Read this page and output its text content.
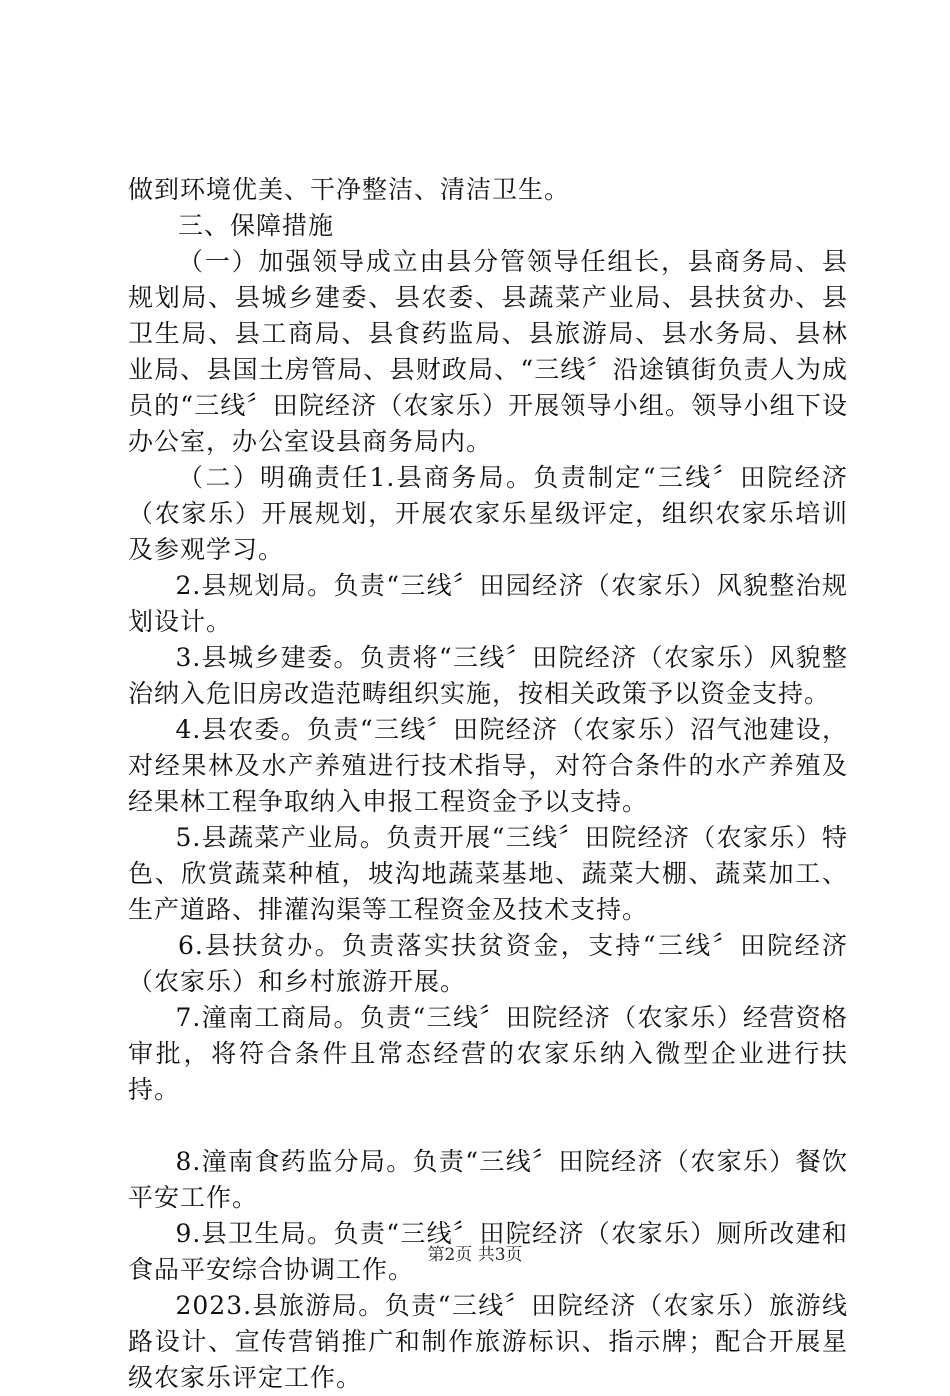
做到环境优美、干净整洁、清洁卫生。

三、保障措施

（一）加强领导成立由县分管领导任组长，县商务局、县规划局、县城乡建委、县农委、县蔬菜产业局、县扶贫办、县卫生局、县工商局、县食药监局、县旅游局、县水务局、县林业局、县国土房管局、县财政局、“三线〞沿途镇街负责人为成员的“三线〞田院经济（农家乐）开展领导小组。领导小组下设办公室，办公室设县商务局内。

（二）明确责任1.县商务局。负责制定“三线〞田院经济（农家乐）开展规划，开展农家乐星级评定，组织农家乐培训及参观学习。

2.县规划局。负责“三线〞田园经济（农家乐）风貌整治规划设计。

3.县城乡建委。负责将“三线〞田院经济（农家乐）风貌整治纳入危旧房改造范畴组织实施，按相关政策予以资金支持。

4.县农委。负责“三线〞田院经济（农家乐）沼气池建设，对经果林及水产养殖进行技术指导，对符合条件的水产养殖及经果林工程争取纳入申报工程资金予以支持。

5.县蔬菜产业局。负责开展“三线〞田院经济（农家乐）特色、欣赏蔬菜种植，坡沟地蔬菜基地、蔬菜大棚、蔬菜加工、生产道路、排灌沟渠等工程资金及技术支持。

6.县扶贫办。负责落实扶贫资金，支持“三线〞田院经济（农家乐）和乡村旅游开展。

7.潼南工商局。负责“三线〞田院经济（农家乐）经营资格审批，将符合条件且常态经营的农家乐纳入微型企业进行扶持。

8.潼南食药监分局。负责“三线〞田院经济（农家乐）餐饮平安工作。

9.县卫生局。负责“三线〞田院经济（农家乐）厕所改建和食品平安综合协调工作。

2023.县旅游局。负责“三线〞田院经济（农家乐）旅游线路设计、宣传营销推广和制作旅游标识、指示牌；配合开展星级农家乐评定工作。

第2页 共3页
